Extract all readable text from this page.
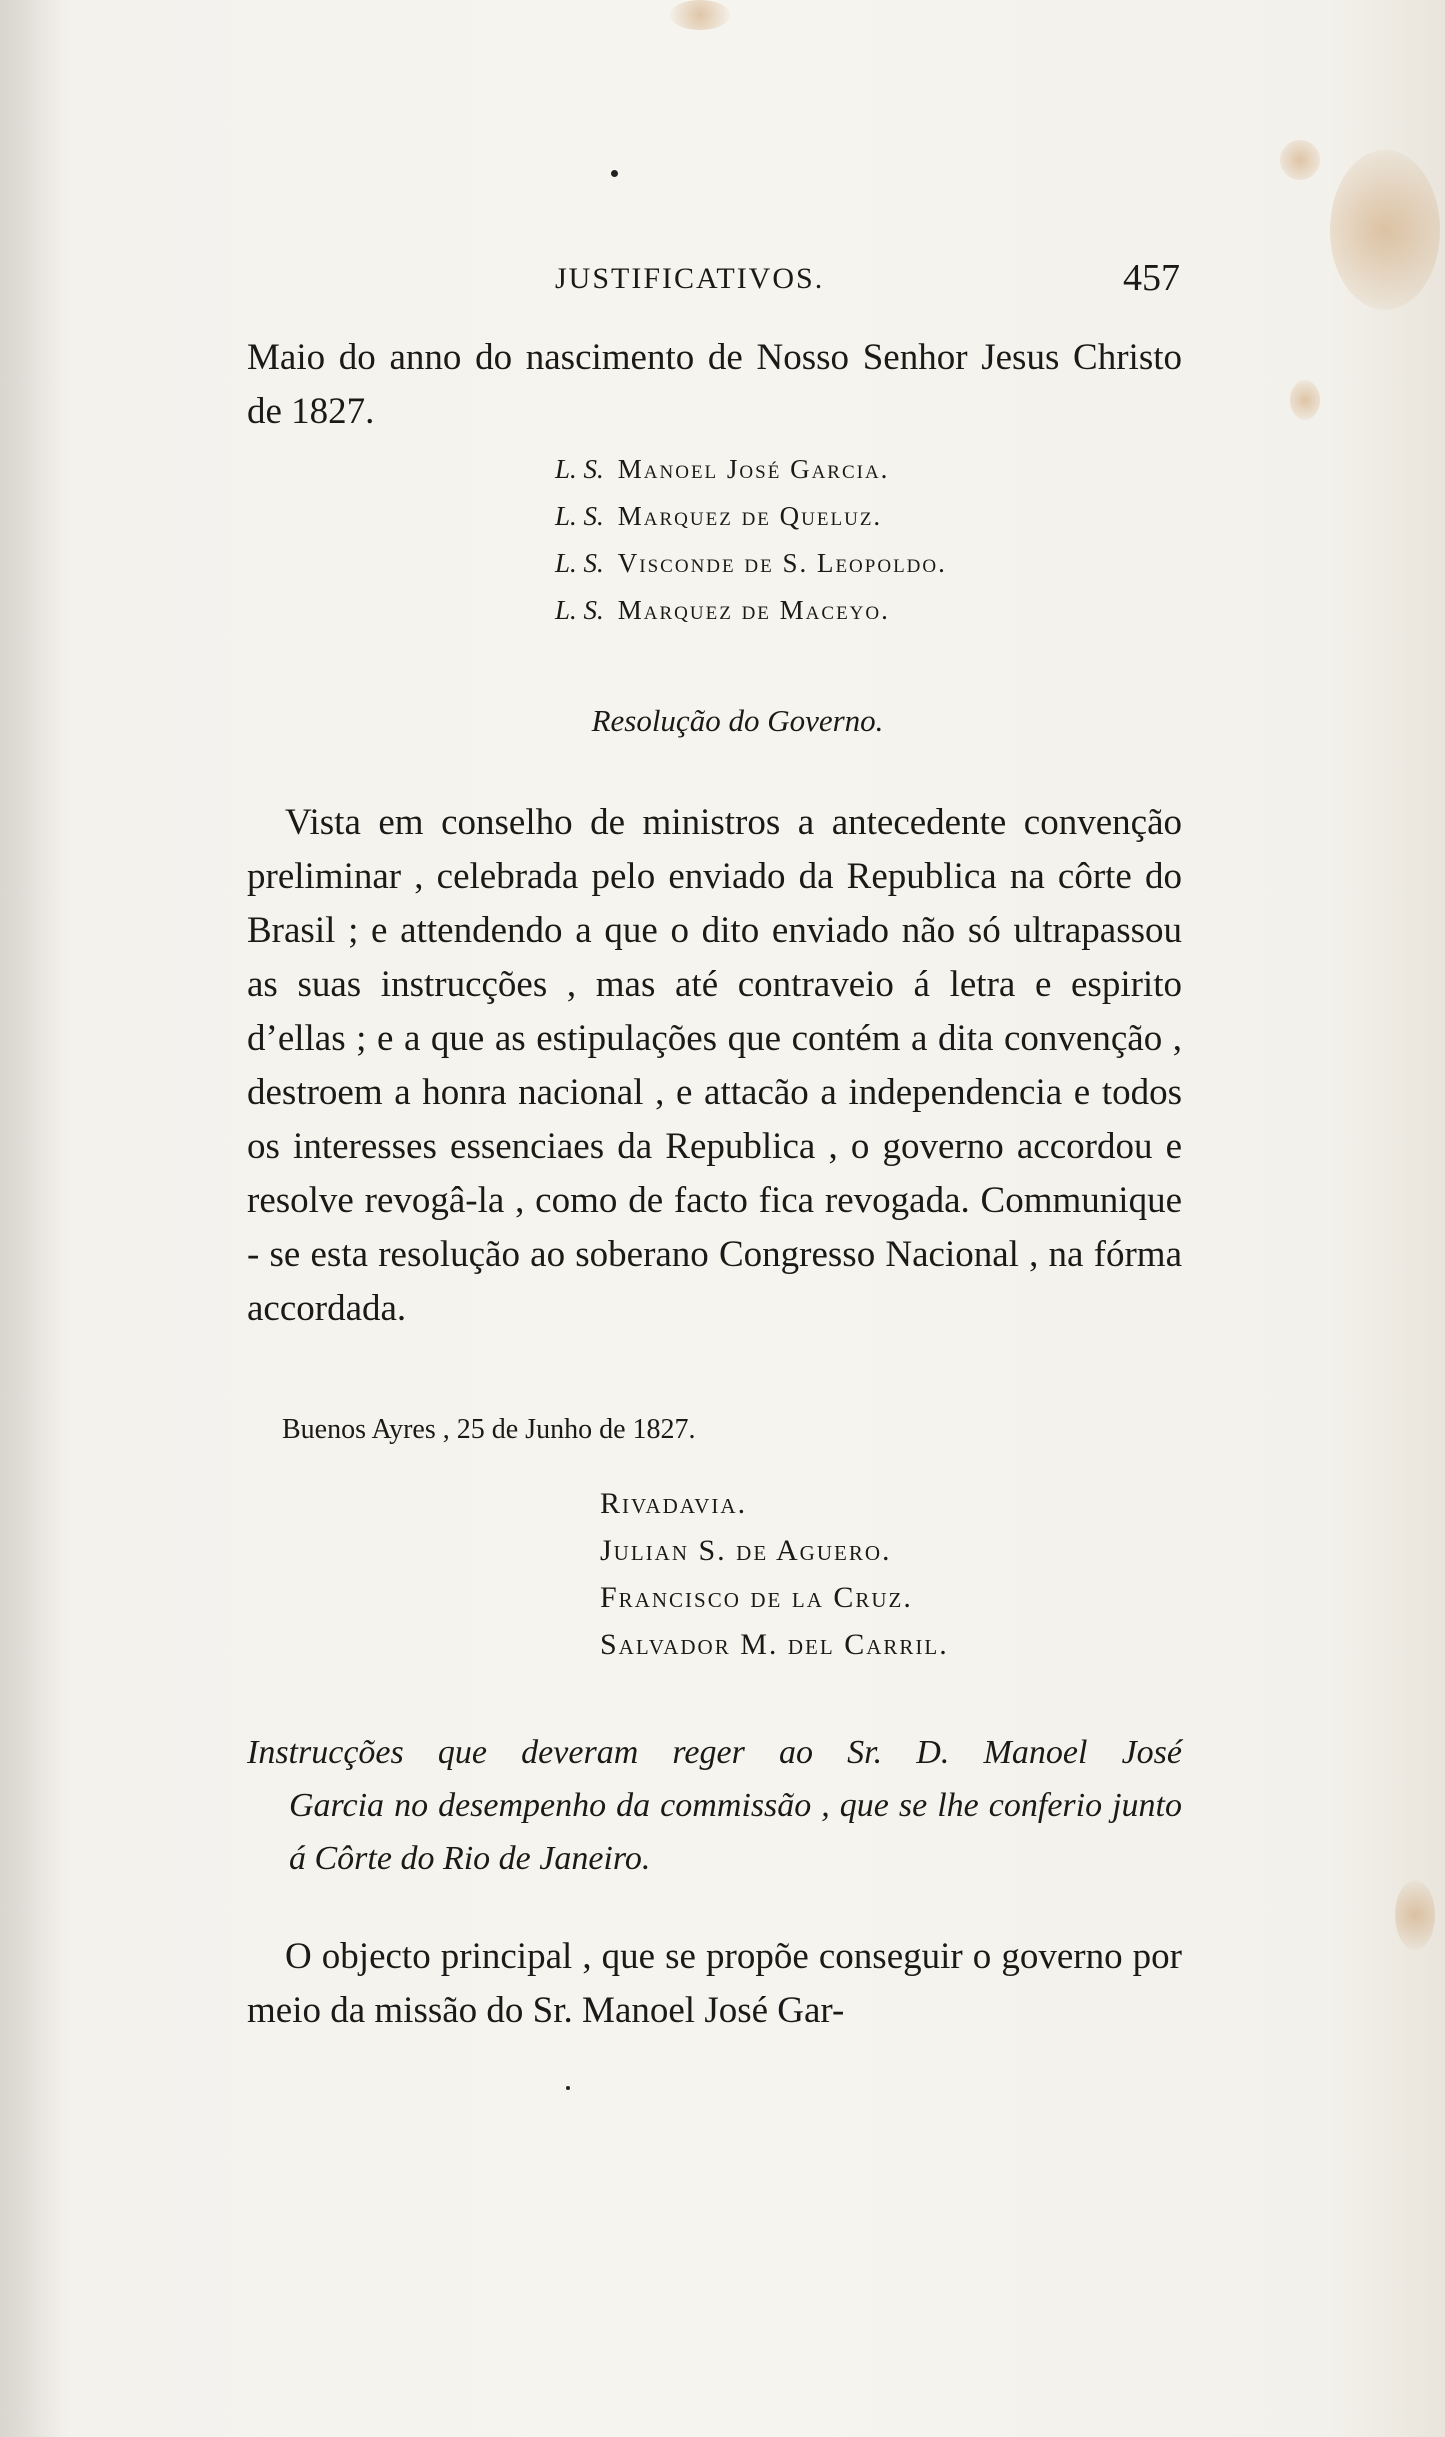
JUSTIFICATIVOS.	457

Maio do anno do nascimento de Nosso Senhor Jesus Christo de 1827.

L. S. Manoel José Garcia.
L. S. Marquez de Queluz.
L. S. Visconde de S. Leopoldo.
L. S. Marquez de Maceyo.
Resolução do Governo.

Vista em conselho de ministros a antecedente convenção preliminar , celebrada pelo enviado da Republica na côrte do Brasil ; e attendendo a que o dito enviado não só ultrapassou as suas instrucções , mas até contraveio á letra e espirito d’ellas ; e a que as estipulações que contém a dita convenção , destroem a honra nacional , e attacão a independencia e todos os interesses essenciaes da Republica , o governo accordou e resolve revogâ-la , como de facto fica revogada. Communique - se esta resolução ao soberano Congresso Nacional , na fórma accordada.

Buenos Ayres , 25 de Junho de 1827.
Rivadavia.
Julian S. de Aguero.
Francisco de la Cruz.
Salvador M. del Carril.
Instrucções que deveram reger ao Sr. D. Manoel José
Garcia no desempenho da commissão , que se lhe conferio junto á Côrte do Rio de Janeiro.

O objecto principal , que se propõe conseguir o governo por meio da missão do Sr. Manoel José Gar-
